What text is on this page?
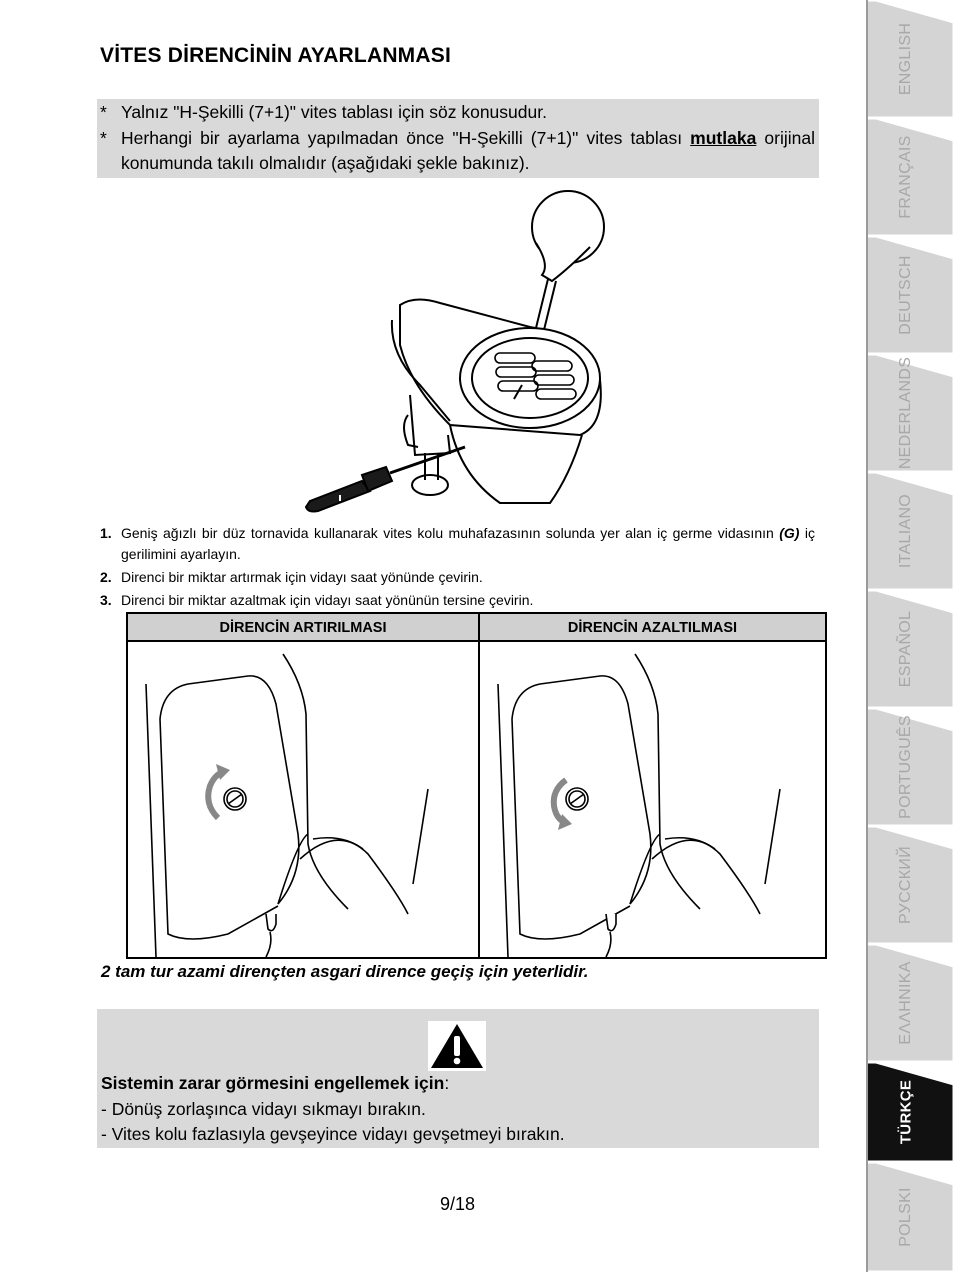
VİTES DİRENCİNİN AYARLANMASI
* Yalnız "H-Şekilli (7+1)" vites tablası için söz konusudur.
* Herhangi bir ayarlama yapılmadan önce "H-Şekilli (7+1)" vites tablası mutlaka orijinal konumunda takılı olmalıdır (aşağıdaki şekle bakınız).
1. Geniş ağızlı bir düz tornavida kullanarak vites kolu muhafazasının solunda yer alan iç germe vidasının (G) iç gerilimini ayarlayın.
2. Direnci bir miktar artırmak için vidayı saat yönünde çevirin.
3. Direnci bir miktar azaltmak için vidayı saat yönünün tersine çevirin.
DİRENCİN ARTIRILMASI	DİRENCİN AZALTILMASI
2 tam tur azami dirençten asgari dirence geçiş için yeterlidir.
Sistemin zarar görmesini engellemek için:
- Dönüş zorlaşınca vidayı sıkmayı bırakın.
- Vites kolu fazlasıyla gevşeyince vidayı gevşetmeyi bırakın.
9/18
ENGLISH
FRANÇAIS
DEUTSCH
NEDERLANDS
ITALIANO
ESPAÑOL
PORTUGUÊS
РУССКИЙ
ΕΛΛΗΝΙΚΑ
TÜRKÇE
POLSKI
